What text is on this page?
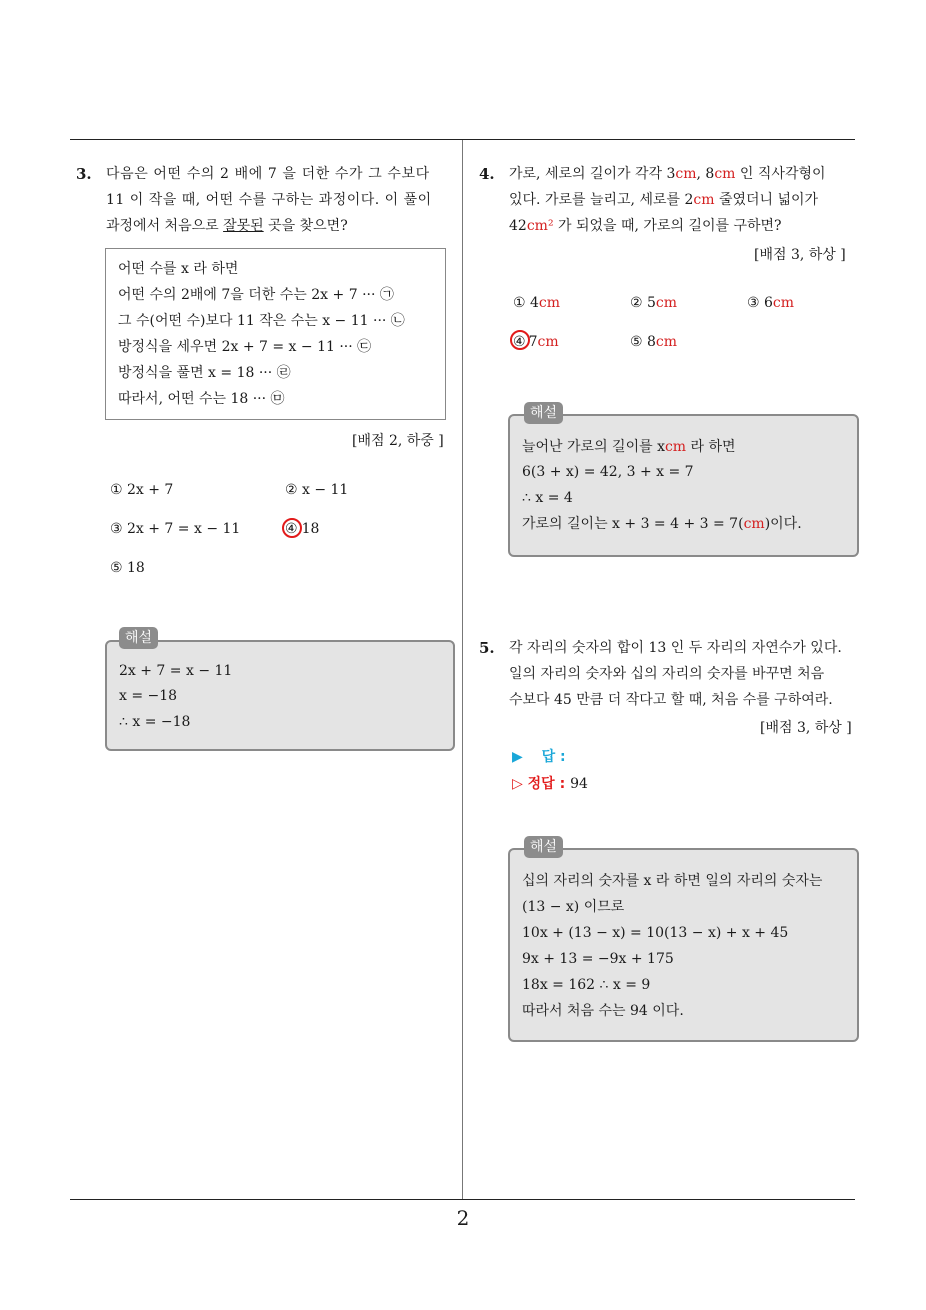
3. 다음은 어떤 수의 2 배에 7 을 더한 수가 그 수보다
11 이 작을 때, 어떤 수를 구하는 과정이다. 이 풀이
과정에서 처음으로 잘못된 곳을 찾으면?
어떤 수를 x 라 하면
어떤 수의 2배에 7을 더한 수는 2x + 7 ··· ㉠
그 수(어떤 수)보다 11 작은 수는 x − 11 ··· ㉡
방정식을 세우면 2x + 7 = x − 11 ··· ㉢
방정식을 풀면 x = 18 ··· ㉣
따라서, 어떤 수는 18 ··· ㉤
[배점 2, 하중 ]
① 2x + 7	② x − 11
③ 2x + 7 = x − 11	④ 18
⑤ 18
2x + 7 = x − 11
x = −18
∴ x = −18
해설
4. 가로, 세로의 길이가 각각 3cm, 8cm 인 직사각형이
있다. 가로를 늘리고, 세로를 2cm 줄였더니 넓이가
42cm² 가 되었을 때, 가로의 길이를 구하면?
[배점 3, 하상 ]
① 4cm	② 5cm	③ 6cm
④ 7cm	⑤ 8cm
늘어난 가로의 길이를 xcm 라 하면
6(3 + x) = 42, 3 + x = 7
∴ x = 4
가로의 길이는 x + 3 = 4 + 3 = 7(cm)이다.
해설
5. 각 자리의 숫자의 합이 13 인 두 자리의 자연수가 있다.
일의 자리의 숫자와 십의 자리의 숫자를 바꾸면 처음
수보다 45 만큼 더 작다고 할 때, 처음 수를 구하여라.
[배점 3, 하상 ]
▶ 답 :
▷ 정답 : 94
십의 자리의 숫자를 x 라 하면 일의 자리의 숫자는
(13 − x) 이므로
10x + (13 − x) = 10(13 − x) + x + 45
9x + 13 = −9x + 175
18x = 162 ∴ x = 9
따라서 처음 수는 94 이다.
해설
2
